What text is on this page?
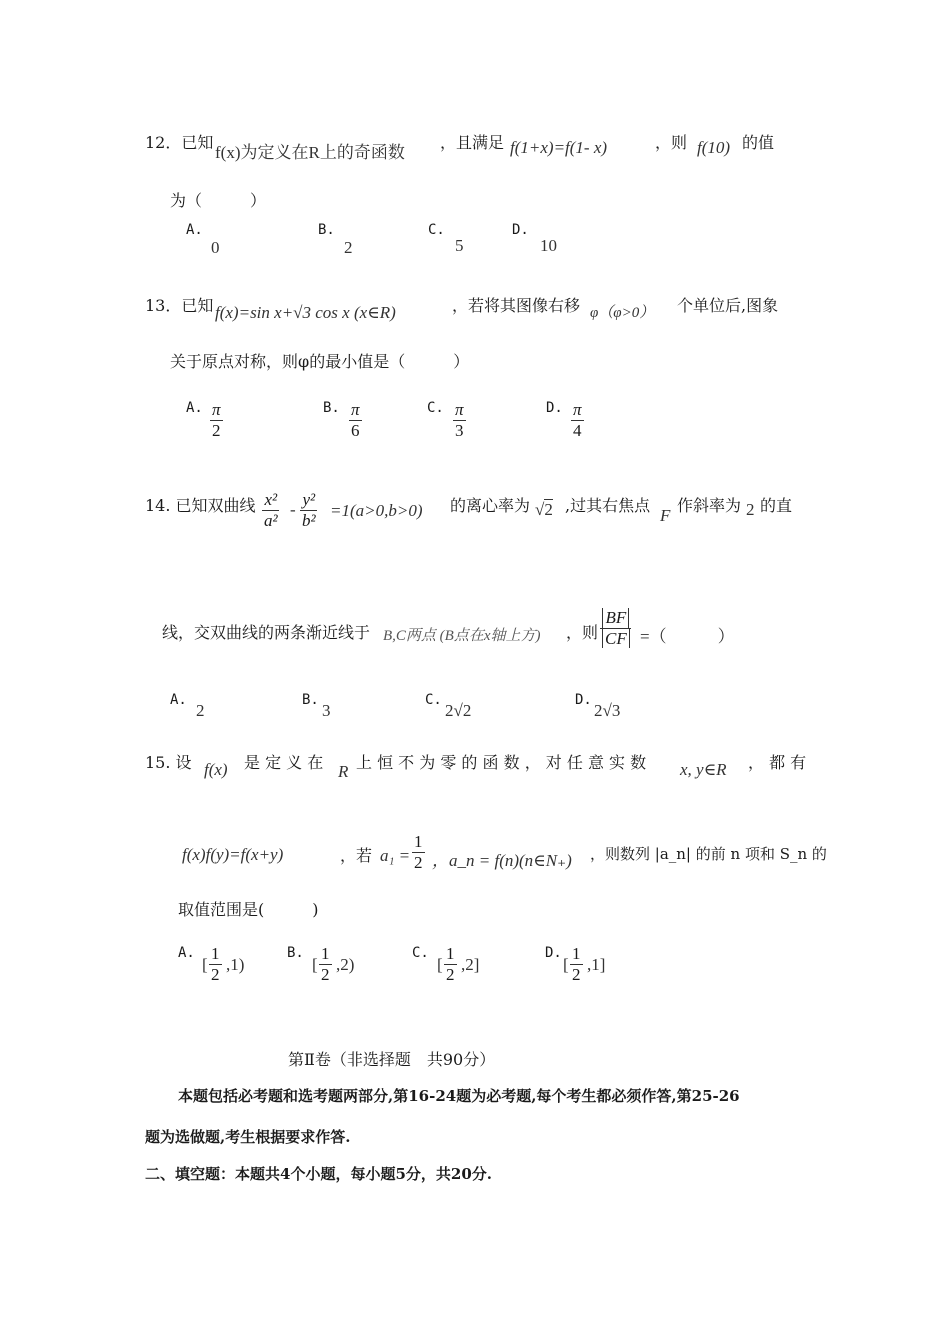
12．已知
f(x)为定义在R上的奇函数
，且满足 f(1+x)=f(1- x)	，则 f(10) 的值
为（　　　）
A.
0
B.
2
C.
5
D.
10
13．已知 f(x)=sin x+√3 cos x (x∈R)	，若将其图像右移 φ（φ>0） 个单位后,图象
关于原点对称，则φ的最小值是（　　　）
A. $\frac{\pi}{2}$	B. $\frac{\pi}{6}$	C. $\frac{\pi}{3}$	D. $\frac{\pi}{4}$
14. 已知双曲线 $\frac{\text{x²}}{\text{a²}} - \frac{\text{y²}}{\text{b²}} =1(a>0,b>0)$ 的离心率为 √2 ,过其右焦点
F
作斜率为 2 的直
线，交双曲线的两条渐近线于 B,C两点 (B点在x轴上方) ，则 $\frac{BF}{CF}$ =（　　　）
A.
2
B.
3
C.
2√2
D.
2√3
15. 设 f(x) 是 定 义 在 R 上 恒 不 为 零 的 函 数 ， 对 任 意 实 数 x, y∈R ， 都 有
f(x)f(y)=f(x+y)	，若 $a_1 = \frac{1}{2}$ ，a_n = f(n)(n∈N₊) ，则数列 |a_n| 的前 n 项和 S_n 的
取值范围是(　　　)
A.
[ $\frac{1}{2} ,1$)
B.
[ $\frac{1}{2} ,2$)
C.
[ $\frac{1}{2} ,2$]
D.
[ $\frac{1}{2} ,1$]
第Ⅱ卷（非选择题　共90分）
本题包括必考题和选考题两部分,第16-24题为必考题,每个考生都必须作答,第25-26
题为选做题,考生根据要求作答.
二、填空题：本题共4个小题，每小题5分，共20分.
